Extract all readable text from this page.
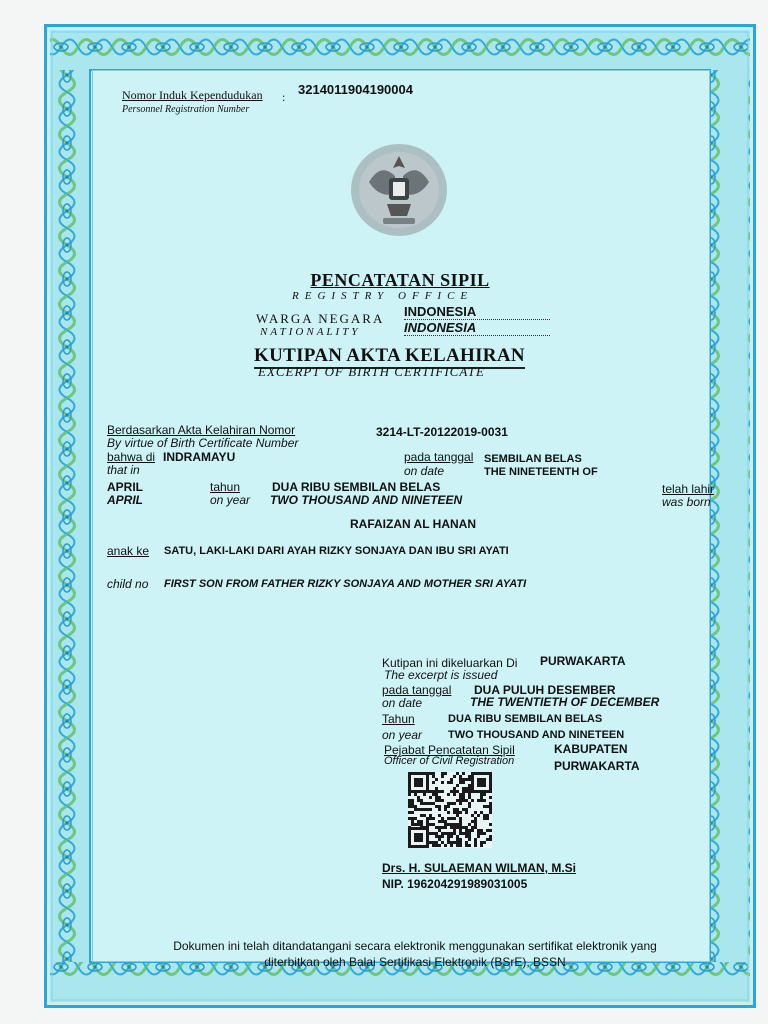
Nomor Induk Kependudukan :
Personnel Registration Number
3214011904190004
PENCATATAN SIPIL
REGISTRY OFFICE
WARGA NEGARA
NATIONALITY
INDONESIA
INDONESIA
KUTIPAN AKTA KELAHIRAN
EXCERPT OF BIRTH CERTIFICATE
Berdasarkan Akta Kelahiran Nomor
By virtue of Birth Certificate Number
3214-LT-20122019-0031
bahwa di INDRAMAYU
that in
pada tanggal SEMBILAN BELAS
on date	THE NINETEENTH OF
APRIL
APRIL
tahun	DUA RIBU SEMBILAN BELAS
on year TWO THOUSAND AND NINETEEN
telah lahir
was born
RAFAIZAN AL HANAN
anak ke SATU, LAKI-LAKI DARI AYAH RIZKY SONJAYA DAN IBU SRI AYATI
child no FIRST SON FROM FATHER RIZKY SONJAYA AND MOTHER SRI AYATI
Kutipan ini dikeluarkan Di PURWAKARTA
The excerpt is issued
pada tanggal DUA PULUH DESEMBER
on date	THE TWENTIETH OF DECEMBER
Tahun	DUA RIBU SEMBILAN BELAS
on year TWO THOUSAND AND NINETEEN
Pejabat Pencatatan Sipil
Officer of Civil Registration
KABUPATEN
PURWAKARTA
Drs. H. SULAEMAN WILMAN, M.Si
NIP. 196204291989031005
Dokumen ini telah ditandatangani secara elektronik menggunakan sertifikat elektronik yang
diterbitkan oleh Balai Sertifikasi Elektronik (BSrE), BSSN
